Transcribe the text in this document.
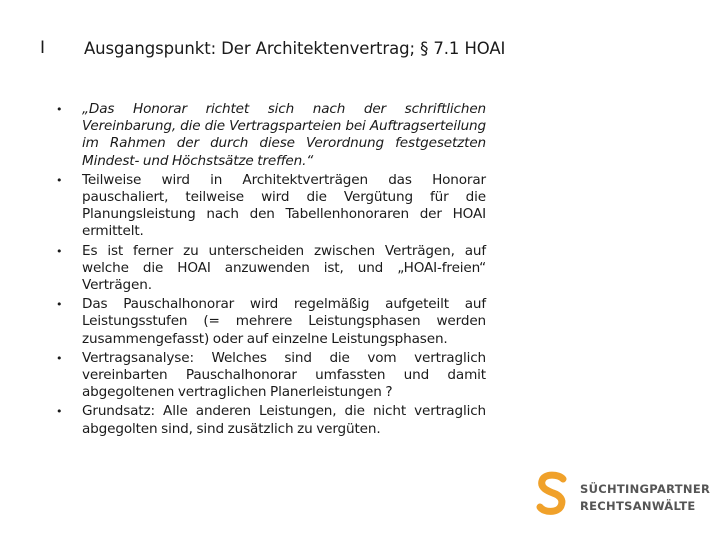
I Ausgangspunkt: Der Architektenvertrag; § 7.1 HOAI
• „Das Honorar richtet sich nach der schriftlichen Vereinbarung, die die Vertragsparteien bei Auftragserteilung im Rahmen der durch diese Verordnung festgesetzten Mindest- und Höchstsätze treffen.“
• Teilweise wird in Architektverträgen das Honorar pauschaliert, teilweise wird die Vergütung für die Planungsleistung nach den Tabellenhonoraren der HOAI ermittelt.
• Es ist ferner zu unterscheiden zwischen Verträgen, auf welche die HOAI anzuwenden ist, und „HOAI-freien“ Verträgen.
• Das Pauschalhonorar wird regelmäßig aufgeteilt auf Leistungsstufen (= mehrere Leistungsphasen werden zusammengefasst) oder auf einzelne Leistungsphasen.
• Vertragsanalyse: Welches sind die vom vertraglich vereinbarten Pauschalhonorar umfassten und damit abgegoltenen vertraglichen Planerleistungen ?
• Grundsatz: Alle anderen Leistungen, die nicht vertraglich abgegolten sind, sind zusätzlich zu vergüten.
SÜCHTINGPARTNER
RECHTSANWÄLTE
